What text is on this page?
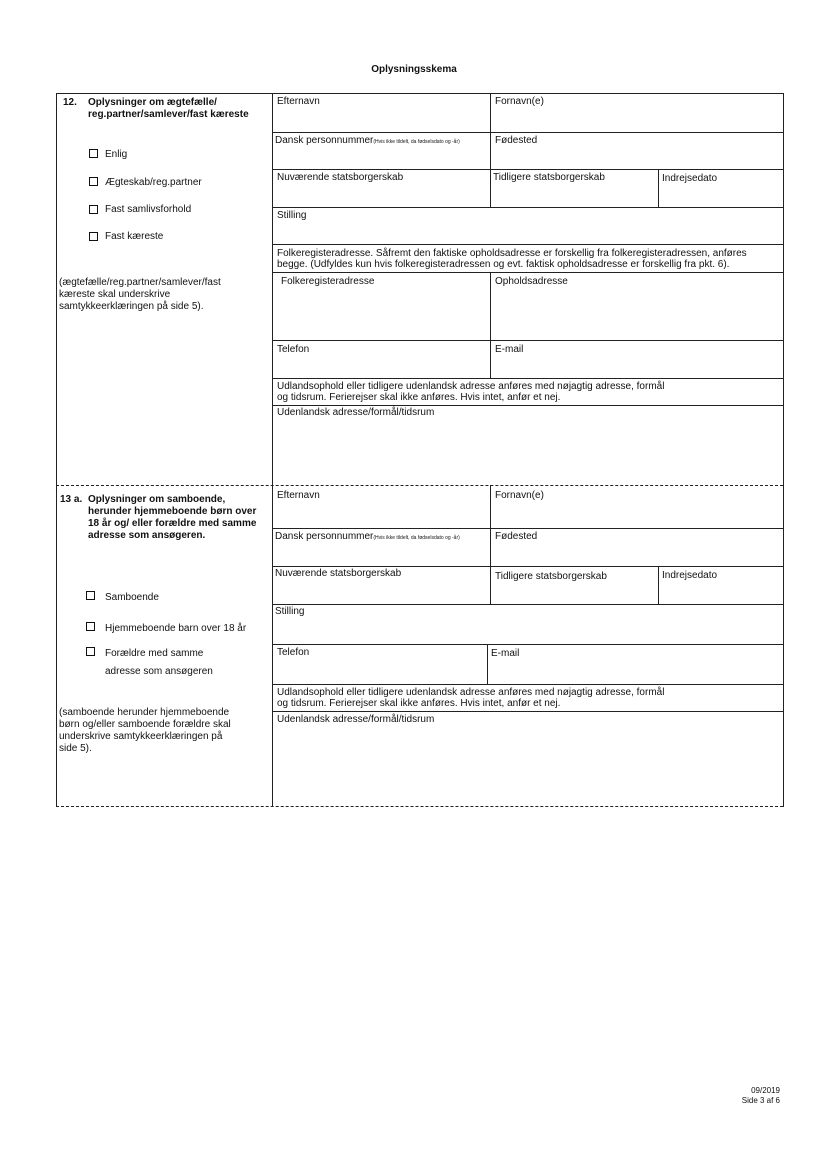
Oplysningsskema
12. Oplysninger om ægtefælle/
reg.partner/samlever/fast kæreste
Enlig
Ægteskab/reg.partner
Fast samlivsforhold
Fast kæreste
(ægtefælle/reg.partner/samlever/fast
kæreste skal underskrive
samtykkeerklæringen på side 5).
Efternavn	Fornavn(e)
Dansk personnummer(Hvis ikke tildelt, da fødselsdato og -år)	Fødested
Nuværende statsborgerskab	Tidligere statsborgerskab	Indrejsedato
Stilling
Folkeregisteradresse. Såfremt den faktiske opholdsadresse er forskellig fra folkeregisteradressen, anføres
begge. (Udfyldes kun hvis folkeregisteradressen og evt. faktisk opholdsadresse er forskellig fra pkt. 6).
Folkeregisteradresse	Opholdsadresse
Telefon	E-mail
Udlandsophold eller tidligere udenlandsk adresse anføres med nøjagtig adresse, formål
og tidsrum. Ferierejser skal ikke anføres. Hvis intet, anfør et nej.
Udenlandsk adresse/formål/tidsrum
13 a. Oplysninger om samboende,
herunder hjemmeboende børn over
18 år og/ eller forældre med samme
adresse som ansøgeren.
Samboende
Hjemmeboende barn over 18 år
Forældre med samme
adresse som ansøgeren
(samboende herunder hjemmeboende
børn og/eller samboende forældre skal
underskrive samtykkeerklæringen på
side 5).
Efternavn	Fornavn(e)
Dansk personnummer(Hvis ikke tildelt, da fødselsdato og -år)	Fødested
Nuværende statsborgerskab	Tidligere statsborgerskab	Indrejsedato
Stilling
Telefon	E-mail
Udlandsophold eller tidligere udenlandsk adresse anføres med nøjagtig adresse, formål
og tidsrum. Ferierejser skal ikke anføres. Hvis intet, anfør et nej.
Udenlandsk adresse/formål/tidsrum
09/2019
Side 3 af 6
